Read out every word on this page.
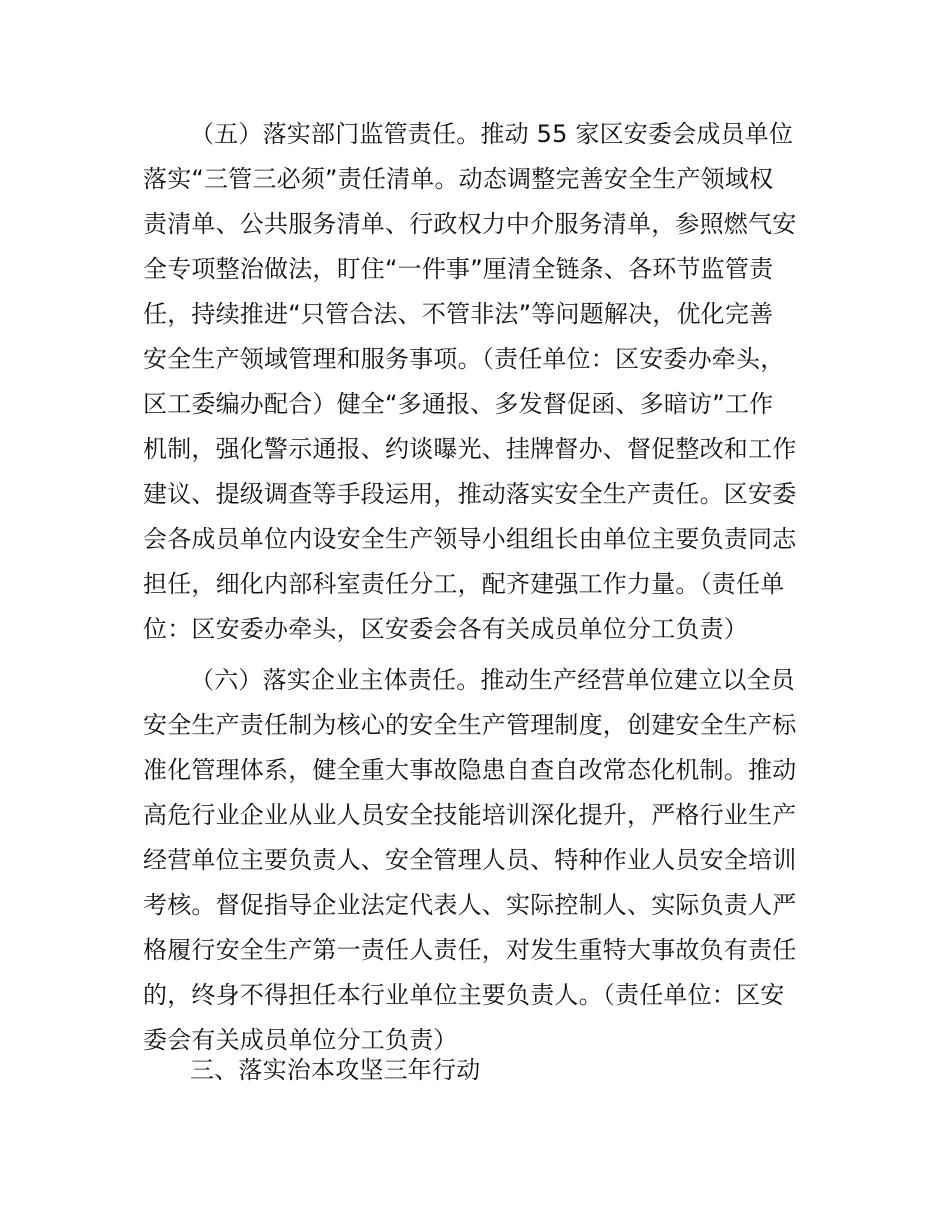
（五）落实部门监管责任。推动 55 家区安委会成员单位
落实“三管三必须”责任清单。动态调整完善安全生产领域权
责清单、公共服务清单、行政权力中介服务清单，参照燃气安
全专项整治做法，盯住“一件事”厘清全链条、各环节监管责
任，持续推进“只管合法、不管非法”等问题解决，优化完善
安全生产领域管理和服务事项。（责任单位：区安委办牵头，
区工委编办配合）健全“多通报、多发督促函、多暗访”工作
机制，强化警示通报、约谈曝光、挂牌督办、督促整改和工作
建议、提级调查等手段运用，推动落实安全生产责任。区安委
会各成员单位内设安全生产领导小组组长由单位主要负责同志
担任，细化内部科室责任分工，配齐建强工作力量。（责任单
位：区安委办牵头，区安委会各有关成员单位分工负责）
（六）落实企业主体责任。推动生产经营单位建立以全员
安全生产责任制为核心的安全生产管理制度，创建安全生产标
准化管理体系，健全重大事故隐患自查自改常态化机制。推动
高危行业企业从业人员安全技能培训深化提升，严格行业生产
经营单位主要负责人、安全管理人员、特种作业人员安全培训
考核。督促指导企业法定代表人、实际控制人、实际负责人严
格履行安全生产第一责任人责任，对发生重特大事故负有责任
的，终身不得担任本行业单位主要负责人。（责任单位：区安
委会有关成员单位分工负责）
三、落实治本攻坚三年行动
